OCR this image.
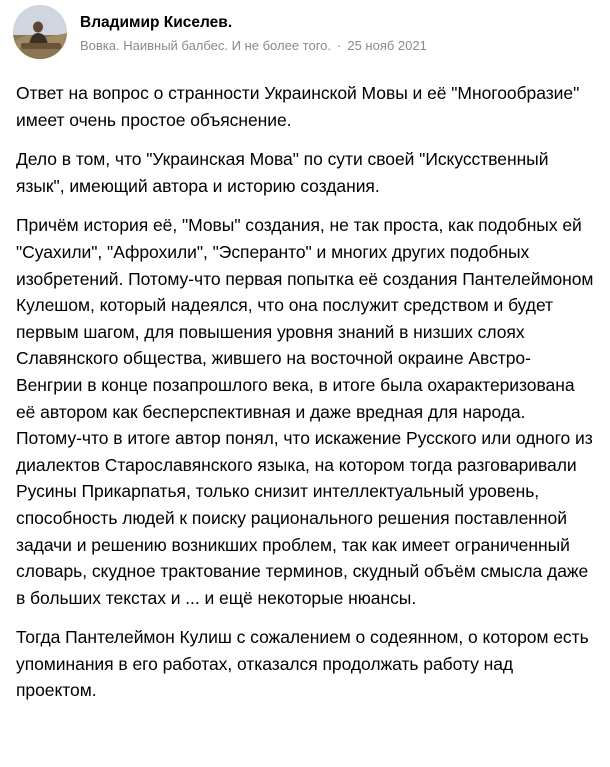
Владимир Киселев.
Вовка. Наивный балбес. И не более того. · 25 нояб 2021

Ответ на вопрос о странности Украинской Мовы и её "Многообразие" имеет очень простое объяснение.

Дело в том, что "Украинская Мова" по сути своей "Искусственный язык", имеющий автора и историю создания.

Причём история её, "Мовы" создания, не так проста, как подобных ей "Суахили", "Афрохили", "Эсперанто" и многих других подобных изобретений. Потому-что первая попытка её создания Пантелеймоном Кулешом, который надеялся, что она послужит средством и будет первым шагом, для повышения уровня знаний в низших слоях Славянского общества, жившего на восточной окраине Австро-Венгрии в конце позапрошлого века, в итоге была охарактеризована её автором как бесперспективная и даже вредная для народа. Потому-что в итоге автор понял, что искажение Русского или одного из диалектов Старославянского языка, на котором тогда разговаривали Русины Прикарпатья, только снизит интеллектуальный уровень, способность людей к поиску рационального решения поставленной задачи и решению возникших проблем, так как имеет ограниченный словарь, скудное трактование терминов, скудный объём смысла даже в больших текстах и ... и ещё некоторые нюансы.

Тогда Пантелеймон Кулиш с сожалением о содеянном, о котором есть упоминания в его работах, отказался продолжать работу над проектом.
